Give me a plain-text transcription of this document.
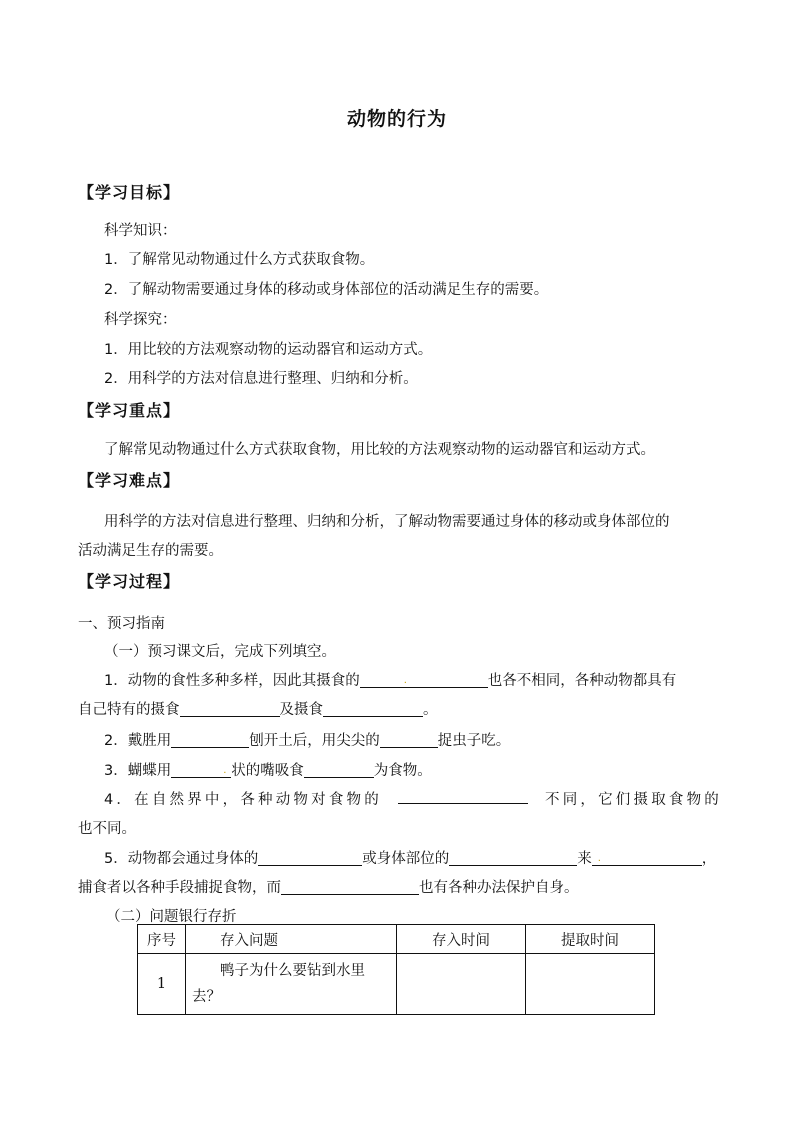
动物的行为
【学习目标】
科学知识：
1．了解常见动物通过什么方式获取食物。
2．了解动物需要通过身体的移动或身体部位的活动满足生存的需要。
科学探究：
1．用比较的方法观察动物的运动器官和运动方式。
2．用科学的方法对信息进行整理、归纳和分析。
【学习重点】
了解常见动物通过什么方式获取食物，用比较的方法观察动物的运动器官和运动方式。
【学习难点】
用科学的方法对信息进行整理、归纳和分析，了解动物需要通过身体的移动或身体部位的
活动满足生存的需要。
【学习过程】
一、预习指南
（一）预习课文后，完成下列填空。
1．动物的食性多种多样，因此其摄食的	.	也各不相同，各种动物都具有
自己特有的摄食	及摄食	。
2．戴胜用	刨开土后，用尖尖的	捉虫子吃。
3．蝴蝶用	. 状的嘴吸食	为食物。
4．在自然界中，各种动物对食物的	不同，它们摄取食物的
也不同。
5．动物都会通过身体的	或身体部位的	来 .	，
捕食者以各种手段捕捉食物，而	也有各种办法保护自身。
（二）问题银行存折
序号	存入问题	存入时间	提取时间
1	鸭子为什么要钻到水里
去？		
